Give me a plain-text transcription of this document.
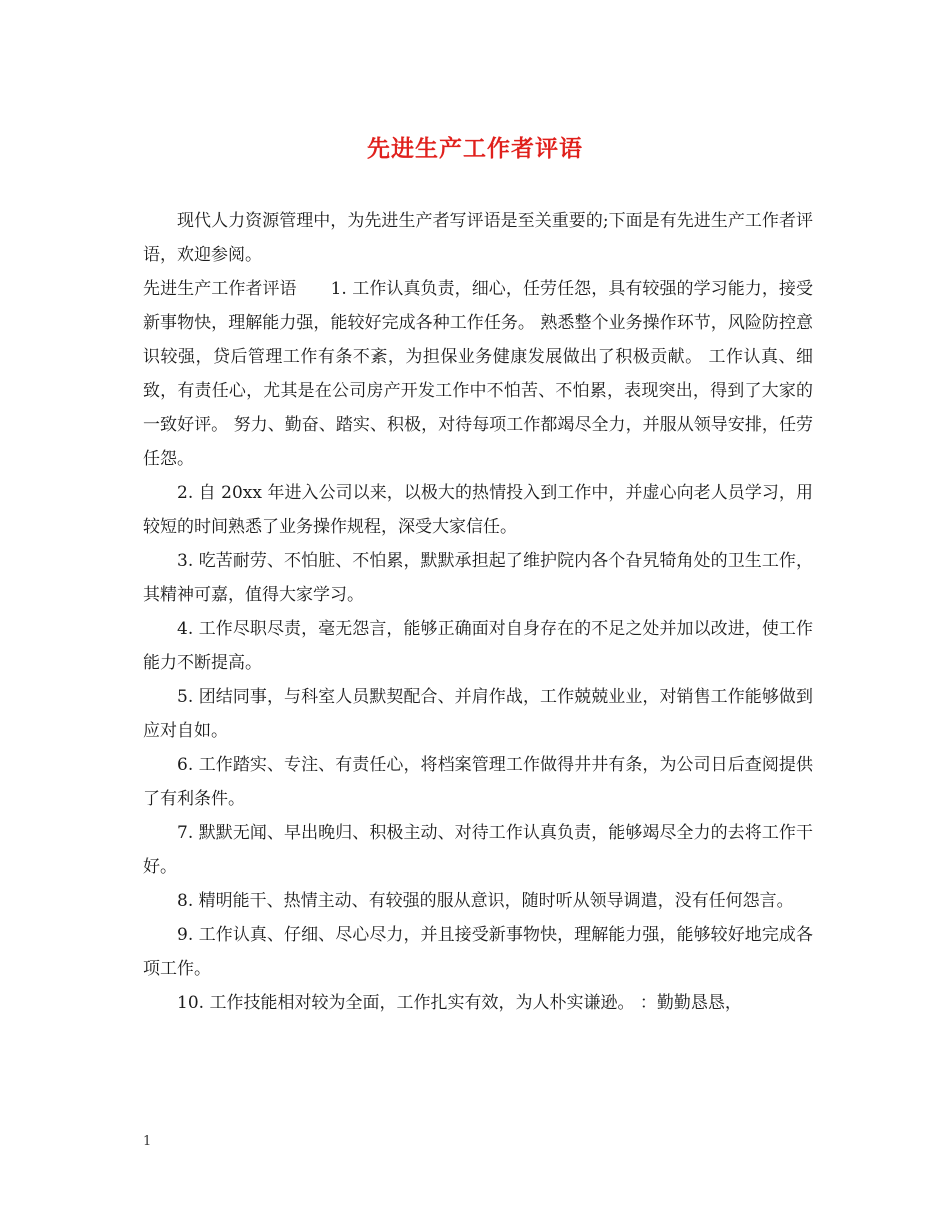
先进生产工作者评语

现代人力资源管理中，为先进生产者写评语是至关重要的;下面是有先进生产工作者评语，欢迎参阅。

先进生产工作者评语 1. 工作认真负责，细心，任劳任怨，具有较强的学习能力，接受新事物快，理解能力强，能较好完成各种工作任务。 熟悉整个业务操作环节，风险防控意识较强，贷后管理工作有条不紊，为担保业务健康发展做出了积极贡献。 工作认真、细致，有责任心，尤其是在公司房产开发工作中不怕苦、不怕累，表现突出，得到了大家的一致好评。 努力、勤奋、踏实、积极，对待每项工作都竭尽全力，并服从领导安排，任劳任怨。

2. 自 20xx 年进入公司以来，以极大的热情投入到工作中，并虚心向老人员学习，用较短的时间熟悉了业务操作规程，深受大家信任。

3. 吃苦耐劳、不怕脏、不怕累，默默承担起了维护院内各个旮旯犄角处的卫生工作，其精神可嘉，值得大家学习。

4. 工作尽职尽责，毫无怨言，能够正确面对自身存在的不足之处并加以改进，使工作能力不断提高。

5. 团结同事，与科室人员默契配合、并肩作战，工作兢兢业业，对销售工作能够做到应对自如。

6. 工作踏实、专注、有责任心，将档案管理工作做得井井有条，为公司日后查阅提供了有利条件。

7. 默默无闻、早出晚归、积极主动、对待工作认真负责，能够竭尽全力的去将工作干好。

8. 精明能干、热情主动、有较强的服从意识，随时听从领导调遣，没有任何怨言。

9. 工作认真、仔细、尽心尽力，并且接受新事物快，理解能力强，能够较好地完成各项工作。

10. 工作技能相对较为全面，工作扎实有效，为人朴实谦逊。 ：勤勤恳恳，

1
